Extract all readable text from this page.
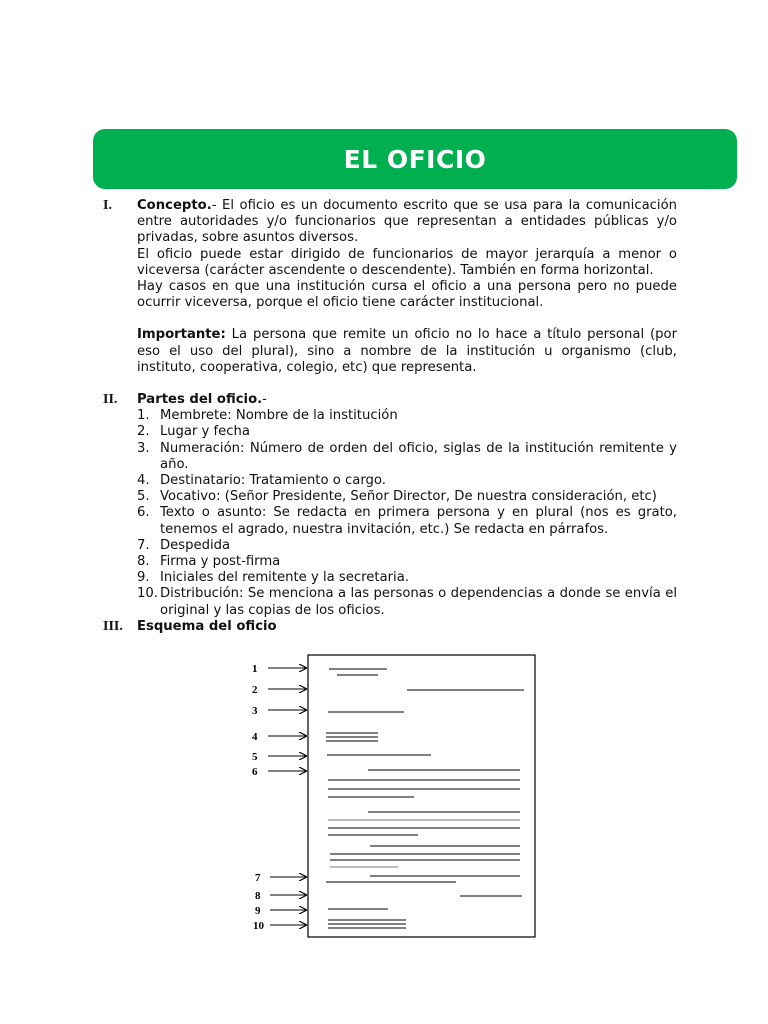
EL OFICIO
I. Concepto.- El oficio es un documento escrito que se usa para la comunicación entre autoridades y/o funcionarios que representan a entidades públicas y/o privadas, sobre asuntos diversos.

El oficio puede estar dirigido de funcionarios de mayor jerarquía a menor o viceversa (carácter ascendente o descendente). También en forma horizontal.

Hay casos en que una institución cursa el oficio a una persona pero no puede ocurrir viceversa, porque el oficio tiene carácter institucional.

Importante: La persona que remite un oficio no lo hace a título personal (por eso el uso del plural), sino a nombre de la institución u organismo (club, instituto, cooperativa, colegio, etc) que representa.

II. Partes del oficio.-

1. Membrete: Nombre de la institución
2. Lugar y fecha
3. Numeración: Número de orden del oficio, siglas de la institución remitente y año.
4. Destinatario: Tratamiento o cargo.
5. Vocativo: (Señor Presidente, Señor Director, De nuestra consideración, etc)
6. Texto o asunto: Se redacta en primera persona y en plural (nos es grato, tenemos el agrado, nuestra invitación, etc.) Se redacta en párrafos.
7. Despedida
8. Firma y post-firma
9. Iniciales del remitente y la secretaria.
10. Distribución: Se menciona a las personas o dependencias a donde se envía el original y las copias de los oficios.
III. Esquema del oficio

1
2
3
4
5
6
7
8
9
10
